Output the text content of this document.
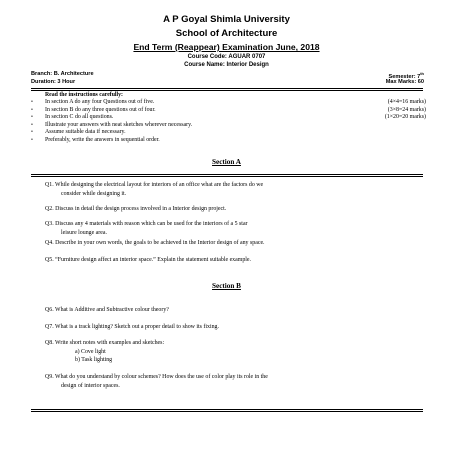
A P Goyal Shimla University
School of Architecture
End Term (Reappear) Examination June, 2018
Course Code: AGUAR 0707
Course Name: Interior Design
Branch: B. Architecture
Duration: 3 Hour
Semester: 7th
Max Marks: 60
Read the instructions carefully:
• In section A do any four Questions out of five.	(4×4=16 marks)
• In section B do any three questions out of four.	(3×8=24 marks)
• In section C do all questions.	(1×20=20 marks)
• Illustrate your answers with neat sketches wherever necessary.
• Assume suitable data if necessary.
• Preferably, write the answers in sequential order.
Section A
Q1. While designing the electrical layout for interiors of an office what are the factors do we
consider while designing it.
Q2. Discuss in detail the design process involved in a Interior design project.
Q3. Discuss any 4 materials with reason which can be used for the interiors of a 5 star
leisure lounge area.
Q4. Describe in your own words, the goals to be achieved in the Interior design of any space.
Q5. “Furniture design affect an interior space.” Explain the statement suitable example.
Section B
Q6. What is Additive and Subtractive colour theory?
Q7. What is a track lighting? Sketch out a proper detail to show its fixing.
Q8. Write short notes with examples and sketches:
a) Cove light
b) Task lighting
Q9. What do you understand by colour schemes? How does the use of color play its role in the
design of interior spaces.
